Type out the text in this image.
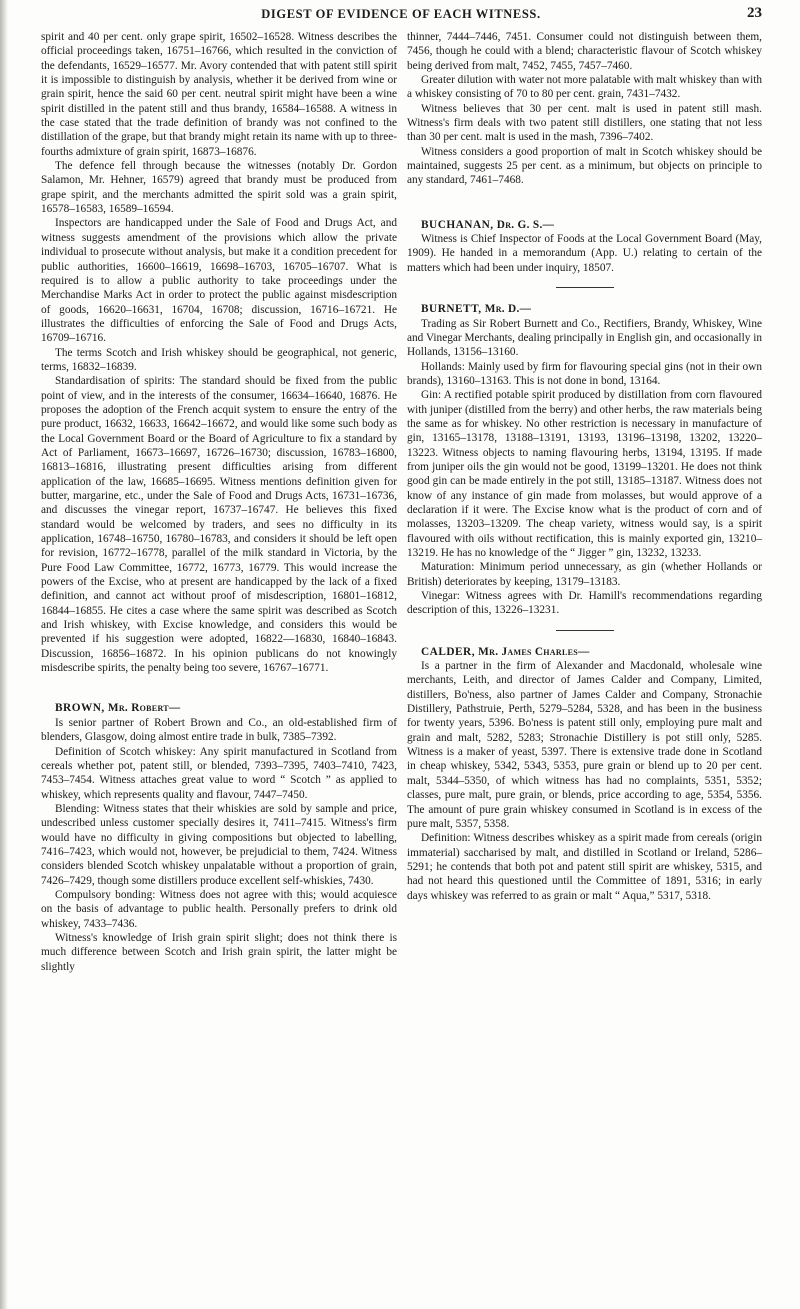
DIGEST OF EVIDENCE OF EACH WITNESS.	23

spirit and 40 per cent. only grape spirit, 16502–16528. Witness describes the official proceedings taken, 16751–16766, which resulted in the conviction of the defendants, 16529–16577. Mr. Avory contended that with patent still spirit it is impossible to distinguish by analysis, whether it be derived from wine or grain spirit, hence the said 60 per cent. neutral spirit might have been a wine spirit distilled in the patent still and thus brandy, 16584–16588. A witness in the case stated that the trade definition of brandy was not confined to the distillation of the grape, but that brandy might retain its name with up to three-fourths admixture of grain spirit, 16873–16876.

The defence fell through because the witnesses (notably Dr. Gordon Salamon, Mr. Hehner, 16579) agreed that brandy must be produced from grape spirit, and the merchants admitted the spirit sold was a grain spirit, 16578–16583, 16589–16594.

Inspectors are handicapped under the Sale of Food and Drugs Act, and witness suggests amendment of the provisions which allow the private individual to prosecute without analysis, but make it a condition precedent for public authorities, 16600–16619, 16698–16703, 16705–16707. What is required is to allow a public authority to take proceedings under the Merchandise Marks Act in order to protect the public against misdescription of goods, 16620–16631, 16704, 16708; discussion, 16716–16721. He illustrates the difficulties of enforcing the Sale of Food and Drugs Acts, 16709–16716.

The terms Scotch and Irish whiskey should be geographical, not generic, terms, 16832–16839.

Standardisation of spirits: The standard should be fixed from the public point of view, and in the interests of the consumer, 16634–16640, 16876. He proposes the adoption of the French acquit system to ensure the entry of the pure product, 16632, 16633, 16642–16672, and would like some such body as the Local Government Board or the Board of Agriculture to fix a standard by Act of Parliament, 16673–16697, 16726–16730; discussion, 16783–16800, 16813–16816, illustrating present difficulties arising from different application of the law, 16685–16695. Witness mentions definition given for butter, margarine, etc., under the Sale of Food and Drugs Acts, 16731–16736, and discusses the vinegar report, 16737–16747. He believes this fixed standard would be welcomed by traders, and sees no difficulty in its application, 16748–16750, 16780–16783, and considers it should be left open for revision, 16772–16778, parallel of the milk standard in Victoria, by the Pure Food Law Committee, 16772, 16773, 16779. This would increase the powers of the Excise, who at present are handicapped by the lack of a fixed definition, and cannot act without proof of misdescription, 16801–16812, 16844–16855. He cites a case where the same spirit was described as Scotch and Irish whiskey, with Excise knowledge, and considers this would be prevented if his suggestion were adopted, 16822—16830, 16840–16843. Discussion, 16856–16872. In his opinion publicans do not knowingly misdescribe spirits, the penalty being too severe, 16767–16771.

BROWN, Mr. Robert—

Is senior partner of Robert Brown and Co., an old-established firm of blenders, Glasgow, doing almost entire trade in bulk, 7385–7392.

Definition of Scotch whiskey: Any spirit manufactured in Scotland from cereals whether pot, patent still, or blended, 7393–7395, 7403–7410, 7423, 7453–7454. Witness attaches great value to word “ Scotch ” as applied to whiskey, which represents quality and flavour, 7447–7450.

Blending: Witness states that their whiskies are sold by sample and price, undescribed unless customer specially desires it, 7411–7415. Witness's firm would have no difficulty in giving compositions but objected to labelling, 7416–7423, which would not, however, be prejudicial to them, 7424. Witness considers blended Scotch whiskey unpalatable without a proportion of grain, 7426–7429, though some distillers produce excellent self-whiskies, 7430.

Compulsory bonding: Witness does not agree with this; would acquiesce on the basis of advantage to public health. Personally prefers to drink old whiskey, 7433–7436.

Witness's knowledge of Irish grain spirit slight; does not think there is much difference between Scotch and Irish grain spirit, the latter might be slightly

thinner, 7444–7446, 7451. Consumer could not distinguish between them, 7456, though he could with a blend; characteristic flavour of Scotch whiskey being derived from malt, 7452, 7455, 7457–7460.

Greater dilution with water not more palatable with malt whiskey than with a whiskey consisting of 70 to 80 per cent. grain, 7431–7432.

Witness believes that 30 per cent. malt is used in patent still mash. Witness's firm deals with two patent still distillers, one stating that not less than 30 per cent. malt is used in the mash, 7396–7402.

Witness considers a good proportion of malt in Scotch whiskey should be maintained, suggests 25 per cent. as a minimum, but objects on principle to any standard, 7461–7468.

BUCHANAN, Dr. G. S.—

Witness is Chief Inspector of Foods at the Local Government Board (May, 1909). He handed in a memorandum (App. U.) relating to certain of the matters which had been under inquiry, 18507.

BURNETT, Mr. D.—

Trading as Sir Robert Burnett and Co., Rectifiers, Brandy, Whiskey, Wine and Vinegar Merchants, dealing principally in English gin, and occasionally in Hollands, 13156–13160.

Hollands: Mainly used by firm for flavouring special gins (not in their own brands), 13160–13163. This is not done in bond, 13164.

Gin: A rectified potable spirit produced by distillation from corn flavoured with juniper (distilled from the berry) and other herbs, the raw materials being the same as for whiskey. No other restriction is necessary in manufacture of gin, 13165–13178, 13188–13191, 13193, 13196–13198, 13202, 13220–13223. Witness objects to naming flavouring herbs, 13194, 13195. If made from juniper oils the gin would not be good, 13199–13201. He does not think good gin can be made entirely in the pot still, 13185–13187. Witness does not know of any instance of gin made from molasses, but would approve of a declaration if it were. The Excise know what is the product of corn and of molasses, 13203–13209. The cheap variety, witness would say, is a spirit flavoured with oils without rectification, this is mainly exported gin, 13210–13219. He has no knowledge of the “ Jigger ” gin, 13232, 13233.

Maturation: Minimum period unnecessary, as gin (whether Hollands or British) deteriorates by keeping, 13179–13183.

Vinegar: Witness agrees with Dr. Hamill's recommendations regarding description of this, 13226–13231.

CALDER, Mr. James Charles—

Is a partner in the firm of Alexander and Macdonald, wholesale wine merchants, Leith, and director of James Calder and Company, Limited, distillers, Bo'ness, also partner of James Calder and Company, Stronachie Distillery, Pathstruie, Perth, 5279–5284, 5328, and has been in the business for twenty years, 5396. Bo'ness is patent still only, employing pure malt and grain and malt, 5282, 5283; Stronachie Distillery is pot still only, 5285. Witness is a maker of yeast, 5397. There is extensive trade done in Scotland in cheap whiskey, 5342, 5343, 5353, pure grain or blend up to 20 per cent. malt, 5344–5350, of which witness has had no complaints, 5351, 5352; classes, pure malt, pure grain, or blends, price according to age, 5354, 5356. The amount of pure grain whiskey consumed in Scotland is in excess of the pure malt, 5357, 5358.

Definition: Witness describes whiskey as a spirit made from cereals (origin immaterial) saccharised by malt, and distilled in Scotland or Ireland, 5286–5291; he contends that both pot and patent still spirit are whiskey, 5315, and had not heard this questioned until the Committee of 1891, 5316; in early days whiskey was referred to as grain or malt “ Aqua,” 5317, 5318.
